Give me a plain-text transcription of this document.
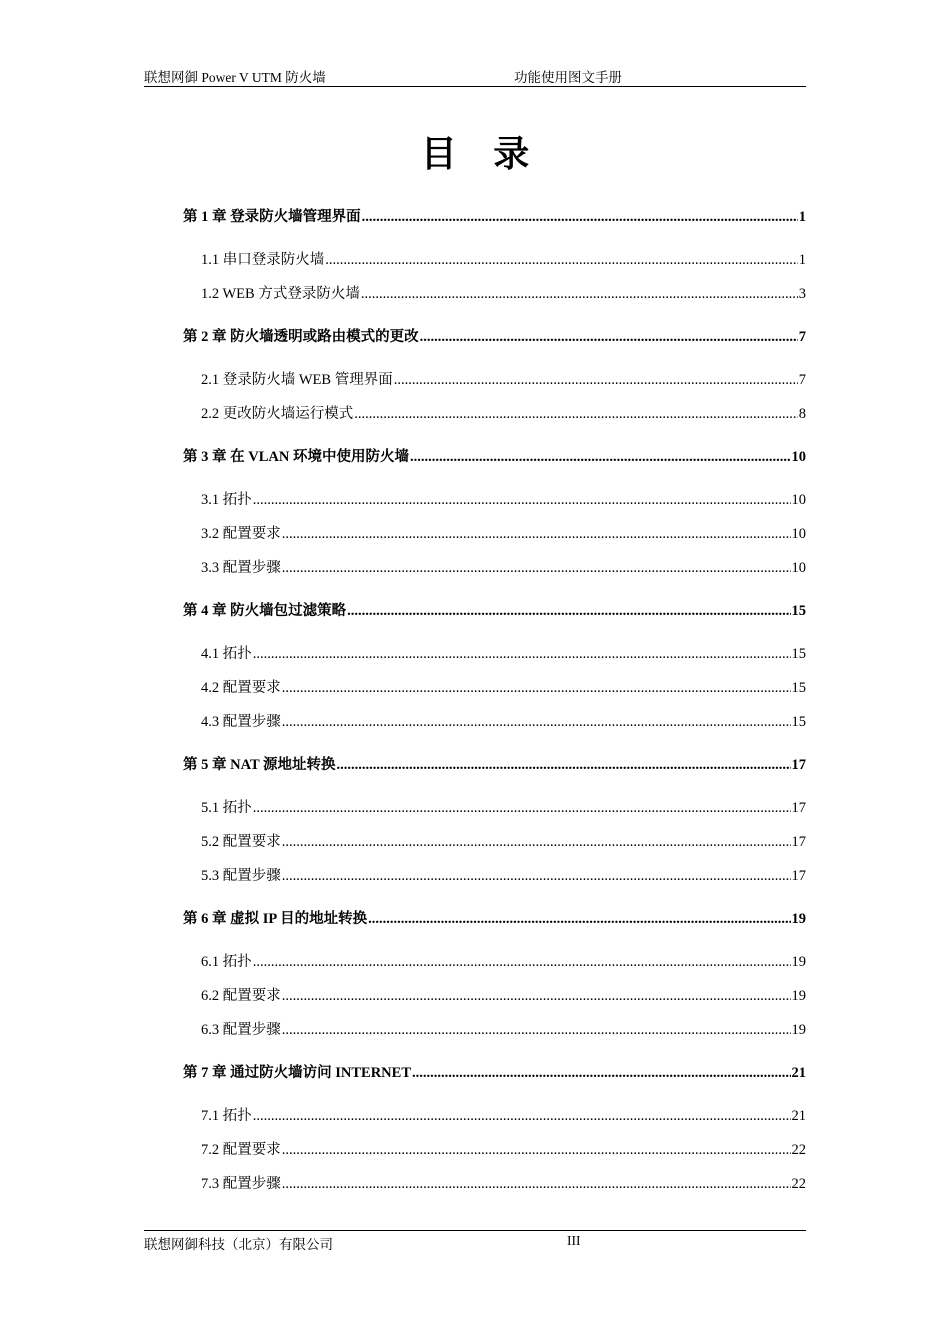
联想网御 Power V UTM 防火墙	功能使用图文手册
目 录
第 1 章 登录防火墙管理界面 .....	1
1.1 串口登录防火墙 .....	1
1.2 WEB 方式登录防火墙 .....	3
第 2 章 防火墙透明或路由模式的更改 .....	7
2.1 登录防火墙 WEB 管理界面 .....	7
2.2 更改防火墙运行模式 .....	8
第 3 章 在 VLAN 环境中使用防火墙 .....	10
3.1 拓扑 .....	10
3.2 配置要求 .....	10
3.3 配置步骤 .....	10
第 4 章 防火墙包过滤策略 .....	15
4.1 拓扑 .....	15
4.2 配置要求 .....	15
4.3 配置步骤 .....	15
第 5 章 NAT 源地址转换 .....	17
5.1 拓扑 .....	17
5.2 配置要求 .....	17
5.3 配置步骤 .....	17
第 6 章 虚拟 IP 目的地址转换 .....	19
6.1 拓扑 .....	19
6.2 配置要求 .....	19
6.3 配置步骤 .....	19
第 7 章 通过防火墙访问 INTERNET .....	21
7.1 拓扑 .....	21
7.2 配置要求 .....	22
7.3 配置步骤 .....	22
联想网御科技（北京）有限公司	III
